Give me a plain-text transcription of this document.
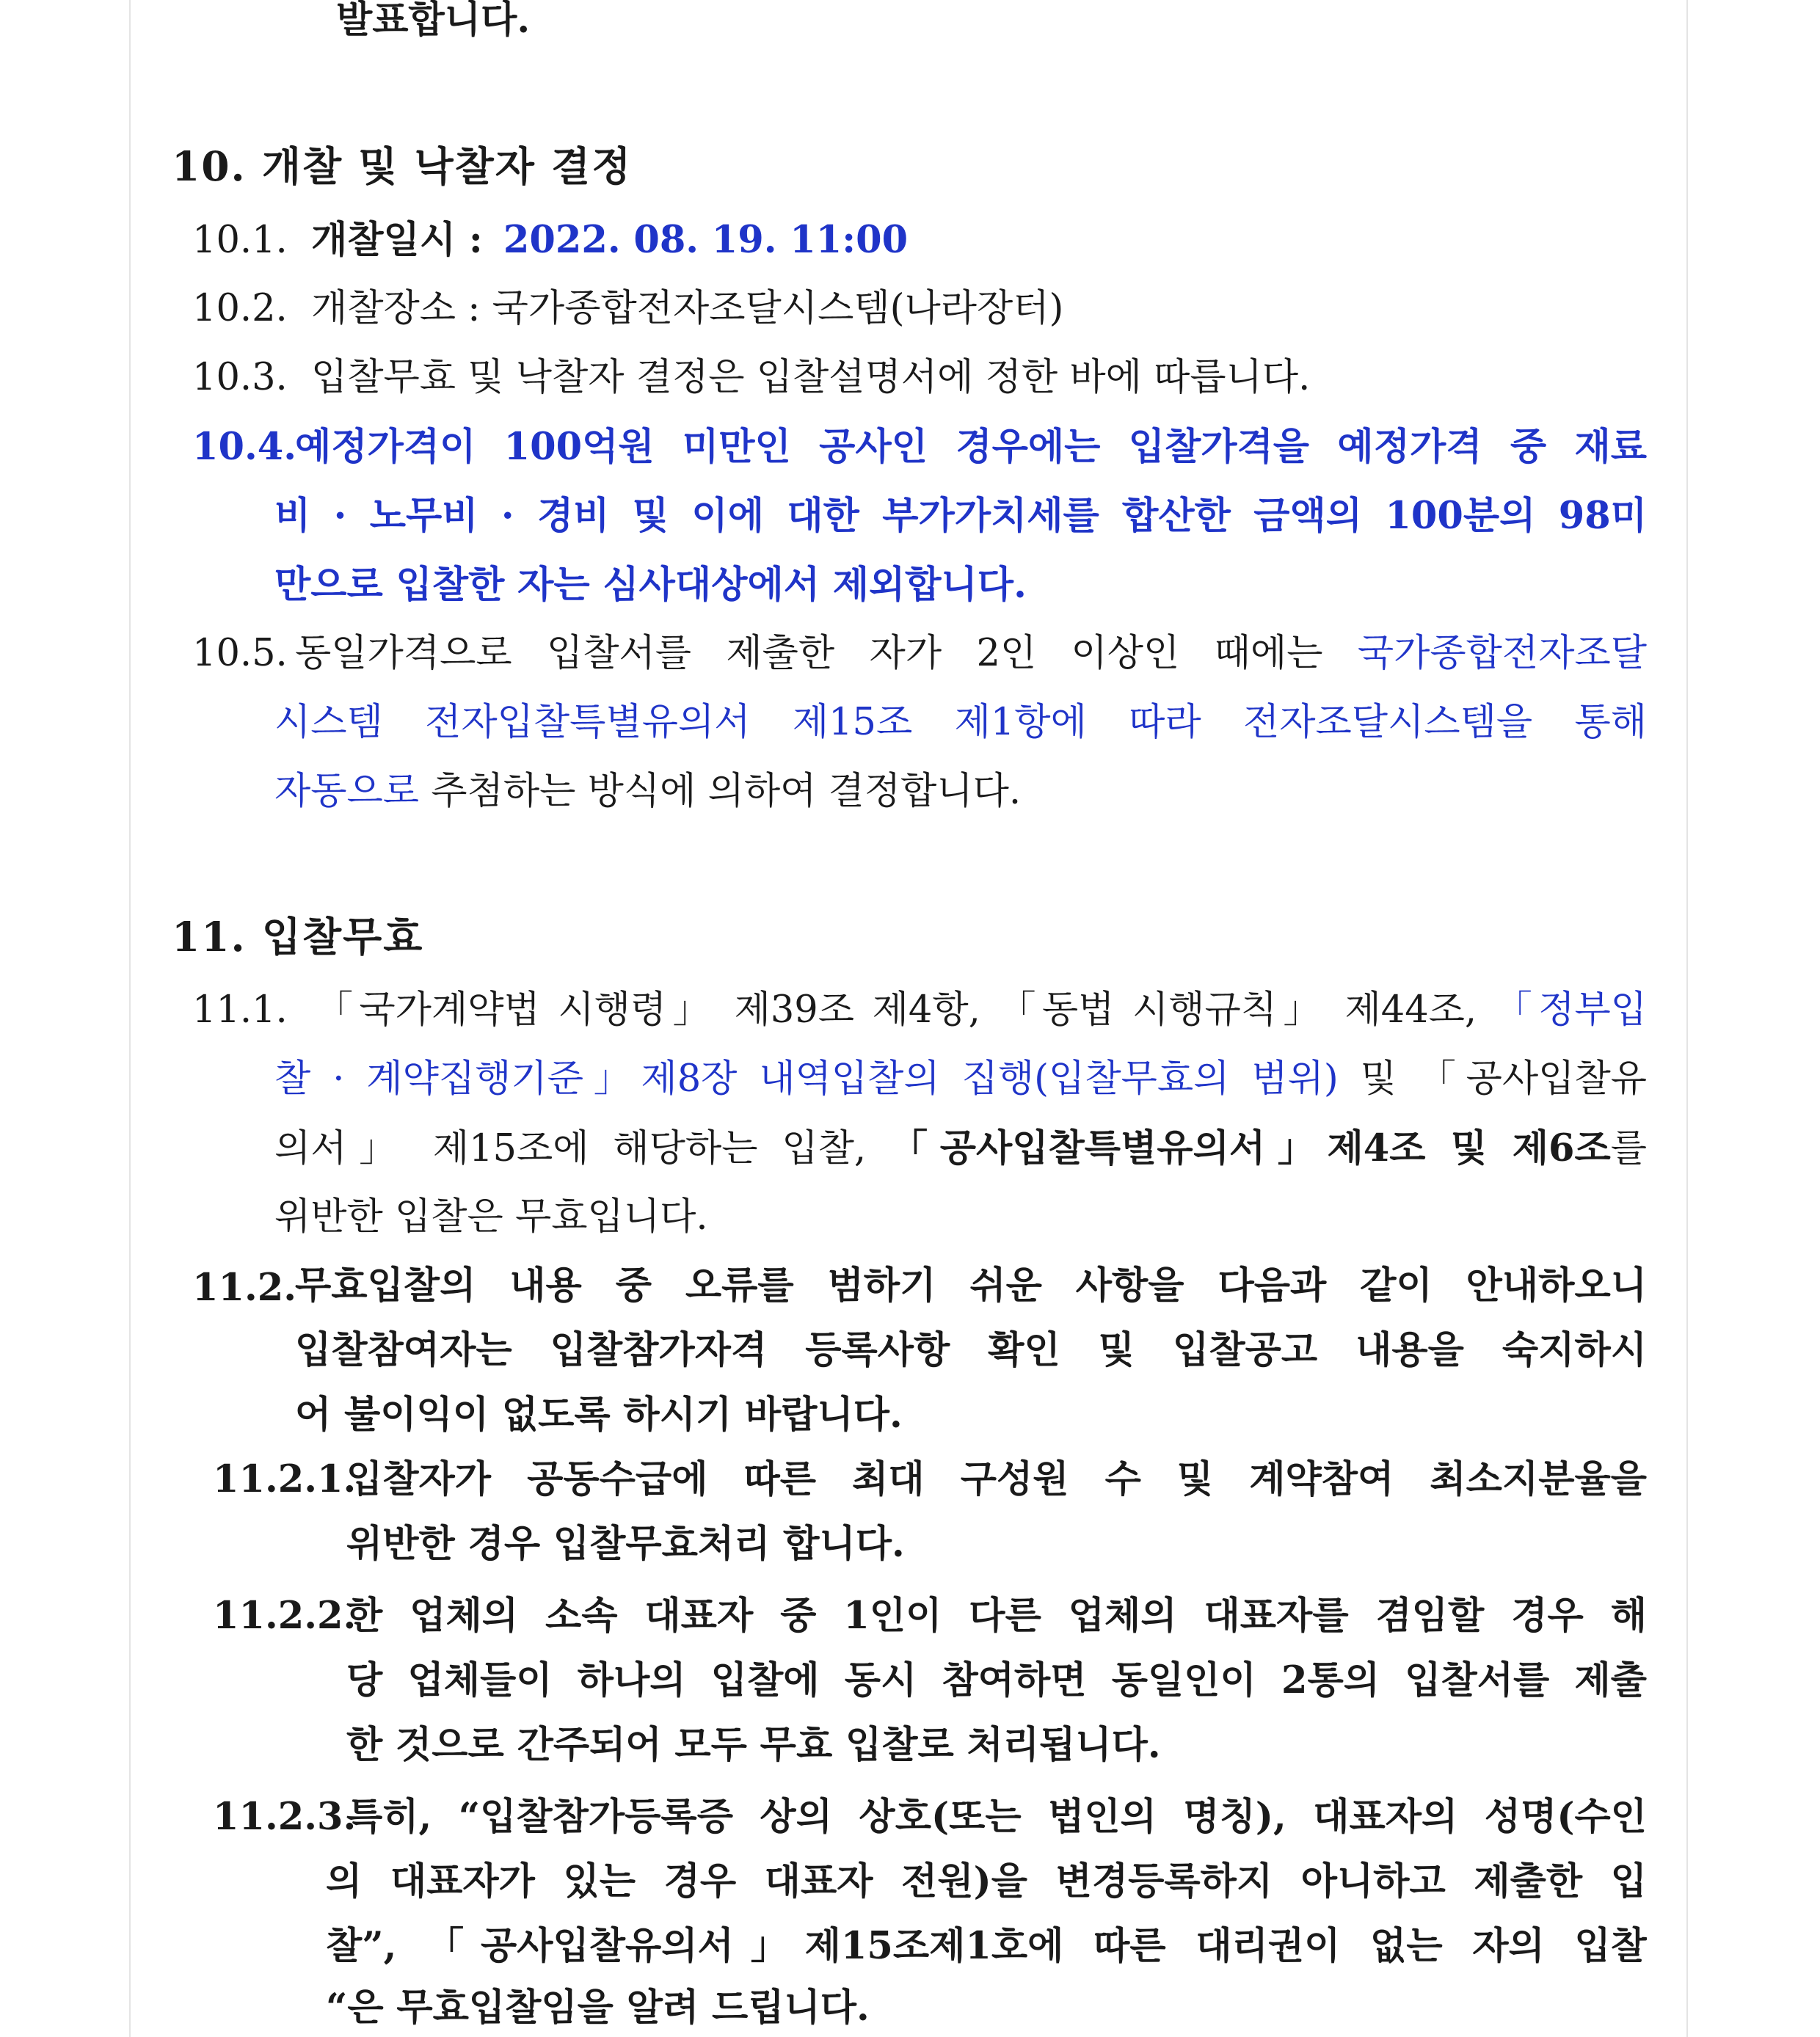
발표합니다.
10. 개찰 및 낙찰자 결정
10.1. 개찰일시 : 2022. 08. 19. 11:00
10.2. 개찰장소 : 국가종합전자조달시스템(나라장터)
10.3. 입찰무효 및 낙찰자 결정은 입찰설명서에 정한 바에 따릅니다.
10.4.
예정가격이 100억원 미만인 공사인 경우에는 입찰가격을 예정가격 중 재료
비 · 노무비 · 경비 및 이에 대한 부가가치세를 합산한 금액의 100분의 98미
만으로 입찰한 자는 심사대상에서 제외합니다.
10.5. 동일가격으로 입찰서를 제출한 자가 2인 이상인 때에는 국가종합전자조달
시스템 전자입찰특별유의서 제15조 제1항에 따라 전자조달시스템을 통해
자동으로 추첨하는 방식에 의하여 결정합니다.
11. 입찰무효
11.1. 「국가계약법 시행령」 제39조 제4항, 「동법 시행규칙」 제44조, 「정부입
찰 · 계약집행기준」제8장 내역입찰의 집행(입찰무효의 범위) 및 「공사입찰유
의서」 제15조에 해당하는 입찰, 「공사입찰특별유의서」제4조 및 제6조를
위반한 입찰은 무효입니다.
11.2.
무효입찰의 내용 중 오류를 범하기 쉬운 사항을 다음과 같이 안내하오니
입찰참여자는 입찰참가자격 등록사항 확인 및 입찰공고 내용을 숙지하시
어 불이익이 없도록 하시기 바랍니다.
11.2.1.
입찰자가 공동수급에 따른 최대 구성원 수 및 계약참여 최소지분율을
위반한 경우 입찰무효처리 합니다.
11.2.2.
한 업체의 소속 대표자 중 1인이 다른 업체의 대표자를 겸임할 경우 해
당 업체들이 하나의 입찰에 동시 참여하면 동일인이 2통의 입찰서를 제출
한 것으로 간주되어 모두 무효 입찰로 처리됩니다.
11.2.3.
특히, “입찰참가등록증 상의 상호(또는 법인의 명칭), 대표자의 성명(수인
의 대표자가 있는 경우 대표자 전원)을 변경등록하지 아니하고 제출한 입
찰”, 「공사입찰유의서」제15조제1호에 따른 대리권이 없는 자의 입찰
“은 무효입찰임을 알려 드립니다.
